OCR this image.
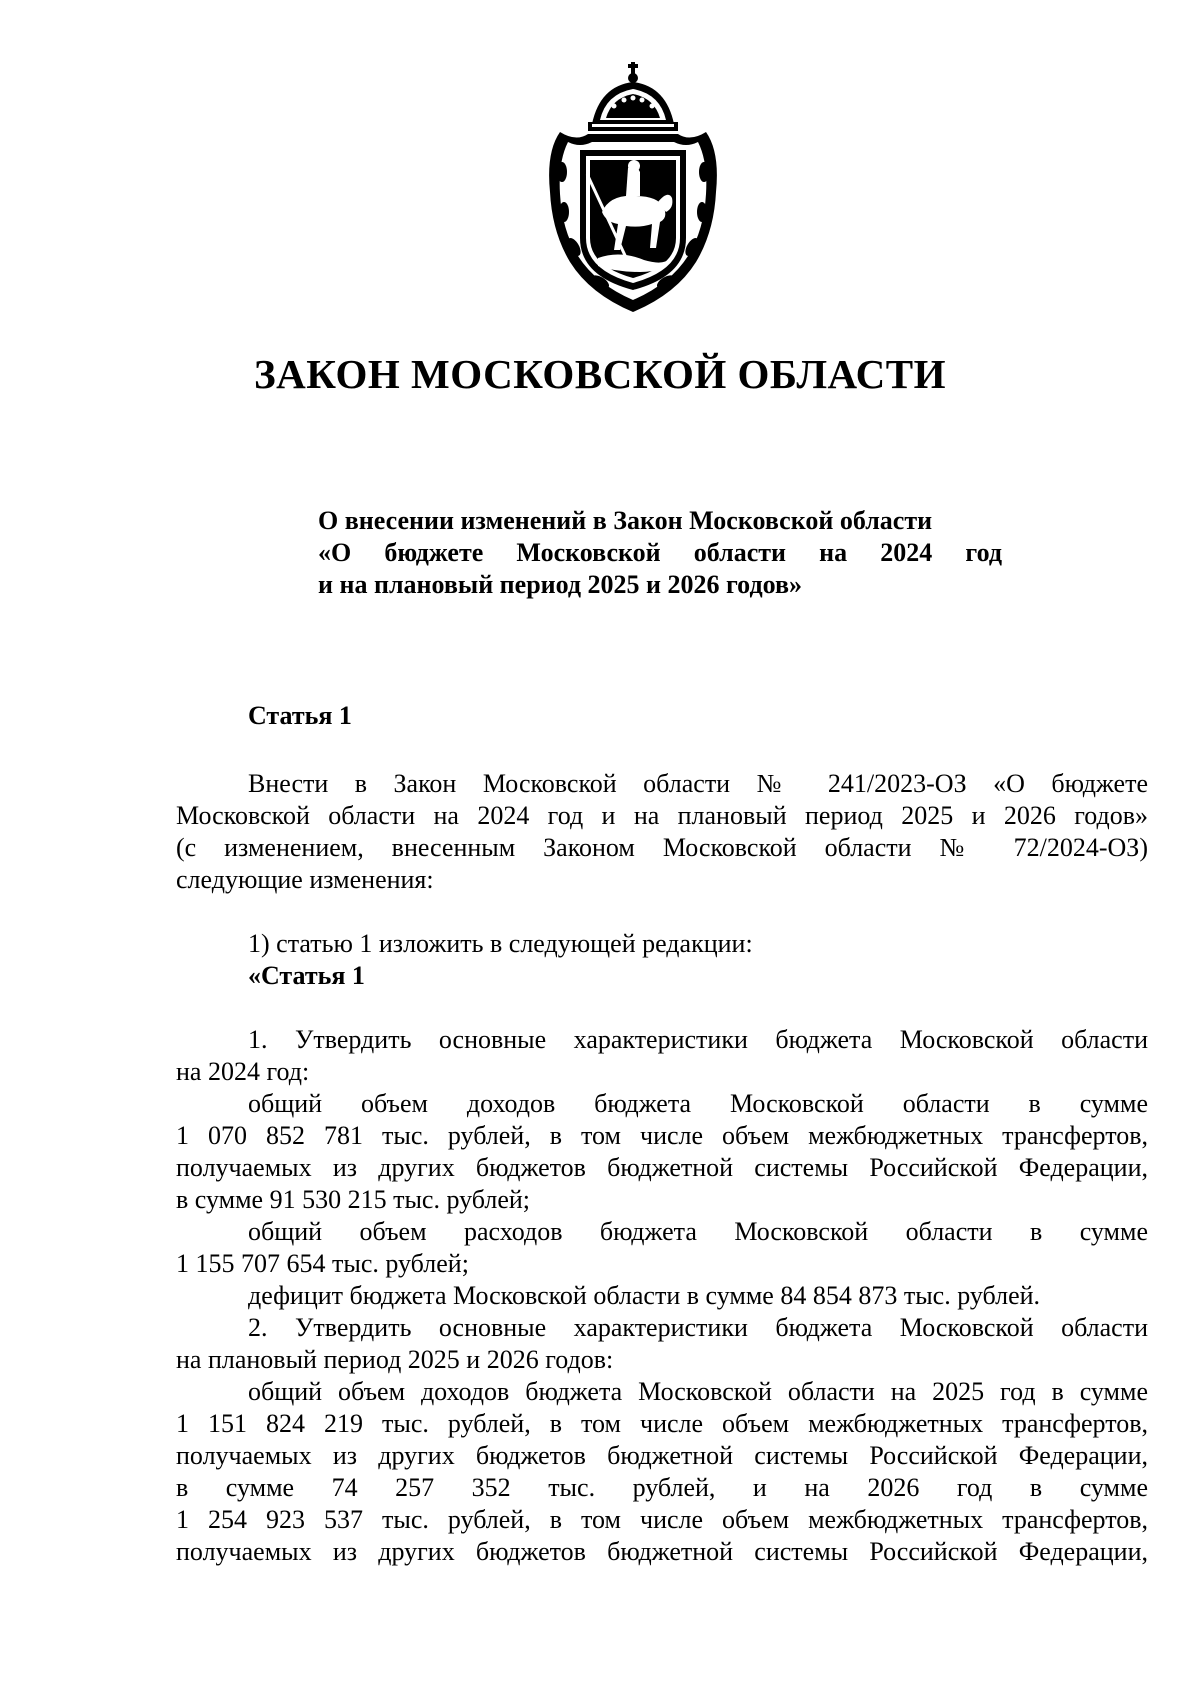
ЗАКОН МОСКОВСКОЙ ОБЛАСТИ
О внесении изменений в Закон Московской области
«О бюджете Московской области на 2024 год
и на плановый период 2025 и 2026 годов»
Статья 1

Внести в Закон Московской области № 241/2023-ОЗ «О бюджете
Московской области на 2024 год и на плановый период 2025 и 2026 годов»
(с изменением, внесенным Законом Московской области № 72/2024-ОЗ)
следующие изменения:

1) статью 1 изложить в следующей редакции:
«Статья 1

1. Утвердить основные характеристики бюджета Московской области
на 2024 год:

общий объем доходов бюджета Московской области в сумме
1 070 852 781 тыс. рублей, в том числе объем межбюджетных трансфертов,
получаемых из других бюджетов бюджетной системы Российской Федерации,
в сумме 91 530 215 тыс. рублей;

общий объем расходов бюджета Московской области в сумме
1 155 707 654 тыс. рублей;

дефицит бюджета Московской области в сумме 84 854 873 тыс. рублей.

2. Утвердить основные характеристики бюджета Московской области
на плановый период 2025 и 2026 годов:

общий объем доходов бюджета Московской области на 2025 год в сумме
1 151 824 219 тыс. рублей, в том числе объем межбюджетных трансфертов,
получаемых из других бюджетов бюджетной системы Российской Федерации,
в сумме 74 257 352 тыс. рублей, и на 2026 год в сумме
1 254 923 537 тыс. рублей, в том числе объем межбюджетных трансфертов,
получаемых из других бюджетов бюджетной системы Российской Федерации,
